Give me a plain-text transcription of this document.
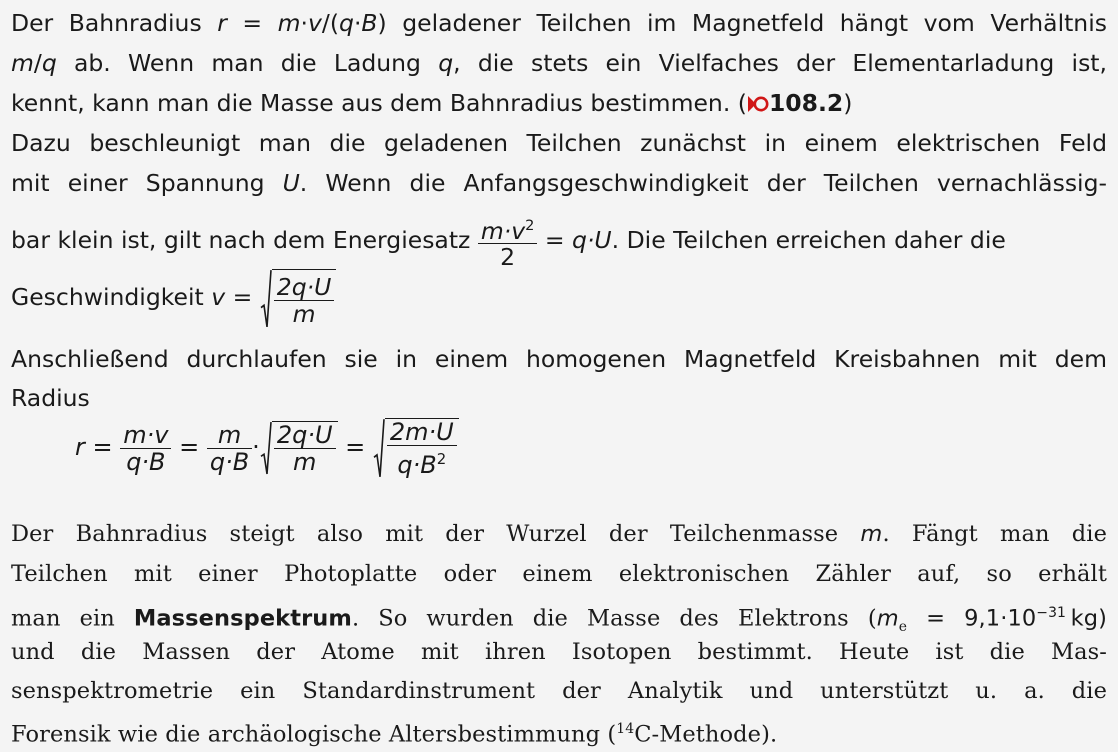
Der Bahnradius r = m·v/(q·B) geladener Teilchen im Magnetfeld hängt vom Verhältnis
m/q ab. Wenn man die Ladung q, die stets ein Vielfaches der Elementarladung ist,
kennt, kann man die Masse aus dem Bahnradius bestimmen. ( 108.2)
Dazu beschleunigt man die geladenen Teilchen zunächst in einem elektrischen Feld
mit einer Spannung U. Wenn die Anfangsgeschwindigkeit der Teilchen vernachlässig-
bar klein ist, gilt nach dem Energiesatz $\frac{m\cdot v^2}{2} = q\cdot U$. Die Teilchen erreichen daher die
Geschwindigkeit $v = \frac{2q\cdot U}{m}$
Anschließend durchlaufen sie in einem homogenen Magnetfeld Kreisbahnen mit dem
Radius
$r = \frac{m\cdot v}{q\cdot B} = \frac{m}{q\cdot B} \cdot \frac{2q\cdot U}{m} = \frac{2m\cdot U}{q\cdot B^2}$
Der Bahnradius steigt also mit der Wurzel der Teilchenmasse m. Fängt man die
Teilchen mit einer Photoplatte oder einem elektronischen Zähler auf, so erhält
man ein Massenspektrum. So wurden die Masse des Elektrons ($m_e = 9,1\cdot 10^{-31}$ kg)
und die Massen der Atome mit ihren Isotopen bestimmt. Heute ist die Mas-
senspektrometrie ein Standardinstrument der Analytik und unterstützt u. a. die
Forensik wie die archäologische Altersbestimmung ($^{14}$C-Methode).
